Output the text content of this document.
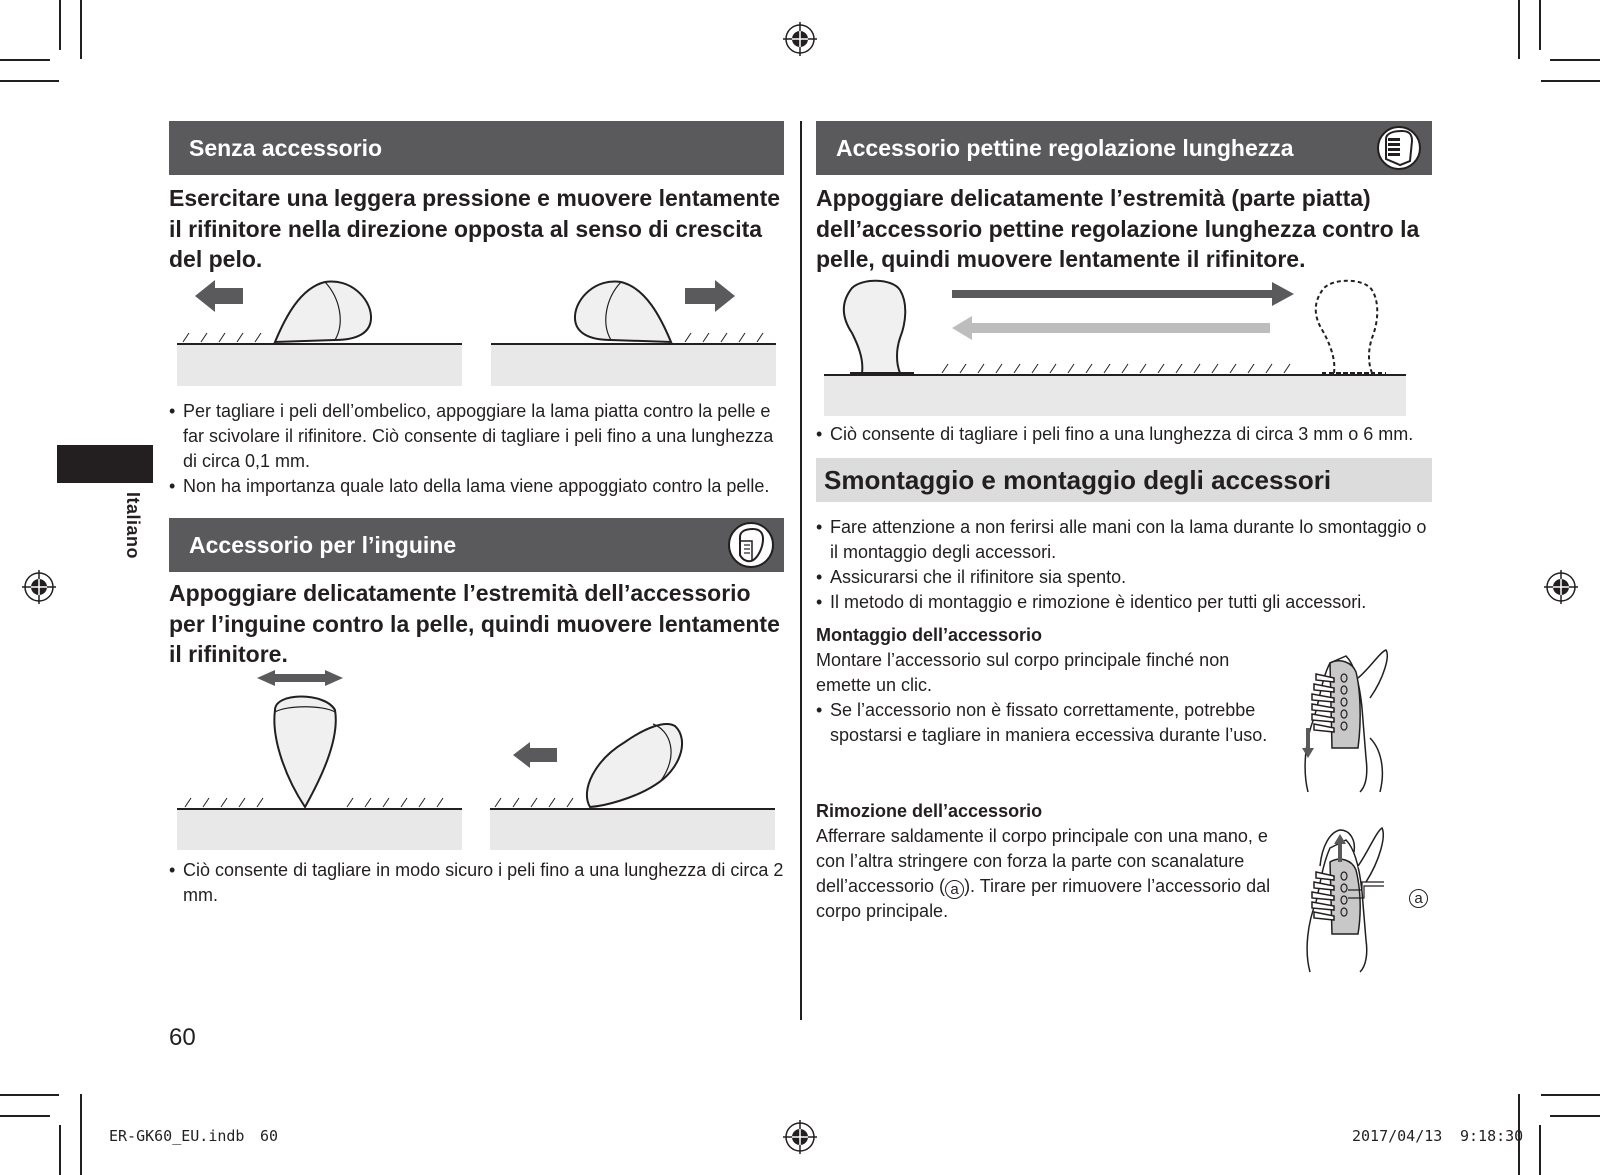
Italiano
Senza accessorio

Esercitare una leggera pressione e muovere lentamente il rifinitore nella direzione opposta al senso di crescita del pelo.

• Per tagliare i peli dell’ombelico, appoggiare la lama piatta contro la pelle e far scivolare il rifinitore. Ciò consente di tagliare i peli fino a una lunghezza di circa 0,1 mm.
• Non ha importanza quale lato della lama viene appoggiato contro la pelle.
Accessorio per l’inguine

Appoggiare delicatamente l’estremità dell’accessorio per l’inguine contro la pelle, quindi muovere lentamente il rifinitore.

• Ciò consente di tagliare in modo sicuro i peli fino a una lunghezza di circa 2 mm.
60
Accessorio pettine regolazione lunghezza

Appoggiare delicatamente l’estremità (parte piatta) dell’accessorio pettine regolazione lunghezza contro la pelle, quindi muovere lentamente il rifinitore.

• Ciò consente di tagliare i peli fino a una lunghezza di circa 3 mm o 6 mm.
Smontaggio e montaggio degli accessori
• Fare attenzione a non ferirsi alle mani con la lama durante lo smontaggio o il montaggio degli accessori.
• Assicurarsi che il rifinitore sia spento.
• Il metodo di montaggio e rimozione è identico per tutti gli accessori.
Montaggio dell’accessorio

Montare l’accessorio sul corpo principale finché non emette un clic.

• Se l’accessorio non è fissato correttamente, potrebbe spostarsi e tagliare in maniera eccessiva durante l’uso.
Rimozione dell’accessorio

Afferrare saldamente il corpo principale con una mano, e con l’altra stringere con forza la parte con scanalature dell’accessorio ( a ). Tirare per rimuovere l’accessorio dal corpo principale.

a
ER-GK60_EU.indb 60	2017/04/13 9:18:30
